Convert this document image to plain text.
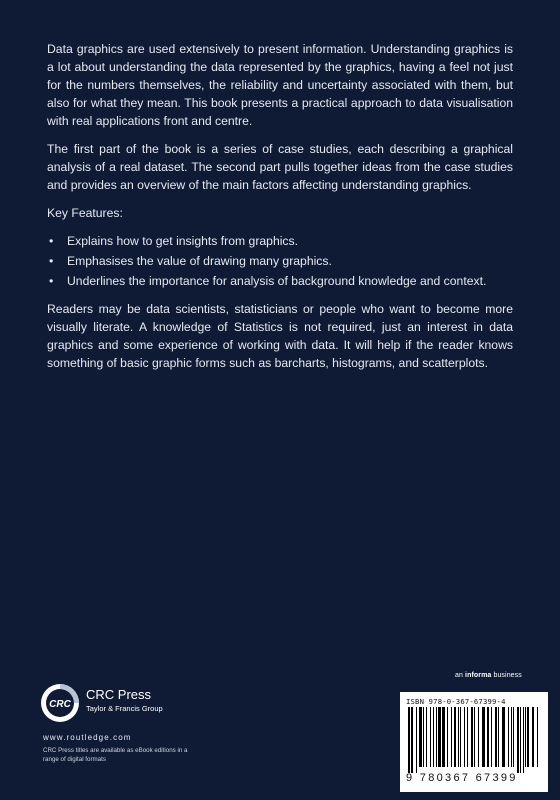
Data graphics are used extensively to present information. Understanding graphics is a lot about understanding the data represented by the graphics, having a feel not just for the numbers themselves, the reliability and uncertainty associated with them, but also for what they mean. This book presents a practical approach to data visualisation with real applications front and centre.

The first part of the book is a series of case studies, each describing a graphical analysis of a real dataset. The second part pulls together ideas from the case studies and provides an overview of the main factors affecting understanding graphics.

Key Features:

• Explains how to get insights from graphics.
• Emphasises the value of drawing many graphics.
• Underlines the importance for analysis of background knowledge and context.

Readers may be data scientists, statisticians or people who want to become more visually literate. A knowledge of Statistics is not required, just an interest in data graphics and some experience of working with data. It will help if the reader knows something of basic graphic forms such as barcharts, histograms, and scatterplots.

an informa business
ISBN 978-0-367-67399-4
9 780367 67399
CRC
CRC Press
Taylor & Francis Group
www.routledge.com
CRC Press titles are available as eBook editions in a range of digital formats
